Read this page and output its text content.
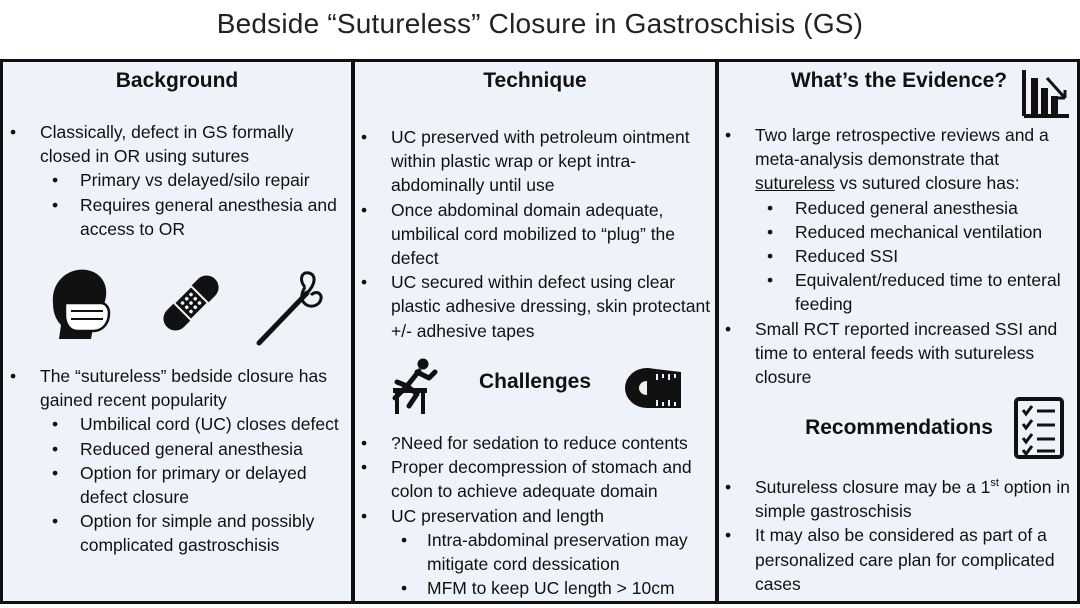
Bedside “Sutureless” Closure in Gastroschisis (GS)
Background
• Classically, defect in GS formally closed in OR using sutures
• Primary vs delayed/silo repair
• Requires general anesthesia and access to OR
• The “sutureless” bedside closure has gained recent popularity
• Umbilical cord (UC) closes defect
• Reduced general anesthesia
• Option for primary or delayed defect closure
• Option for simple and possibly complicated gastroschisis
Technique
• UC preserved with petroleum ointment within plastic wrap or kept intra-abdominally until use
• Once abdominal domain adequate, umbilical cord mobilized to “plug” the defect
• UC secured within defect using clear plastic adhesive dressing, skin protectant +/- adhesive tapes
Challenges
• ?Need for sedation to reduce contents
• Proper decompression of stomach and colon to achieve adequate domain
• UC preservation and length
• Intra-abdominal preservation may mitigate cord dessication
• MFM to keep UC length > 10cm
What’s the Evidence?
• Two large retrospective reviews and a meta-analysis demonstrate that sutureless vs sutured closure has:
• Reduced general anesthesia
• Reduced mechanical ventilation
• Reduced SSI
• Equivalent/reduced time to enteral feeding
• Small RCT reported increased SSI and time to enteral feeds with sutureless closure
Recommendations
• Sutureless closure may be a 1st option in simple gastroschisis
• It may also be considered as part of a personalized care plan for complicated cases
